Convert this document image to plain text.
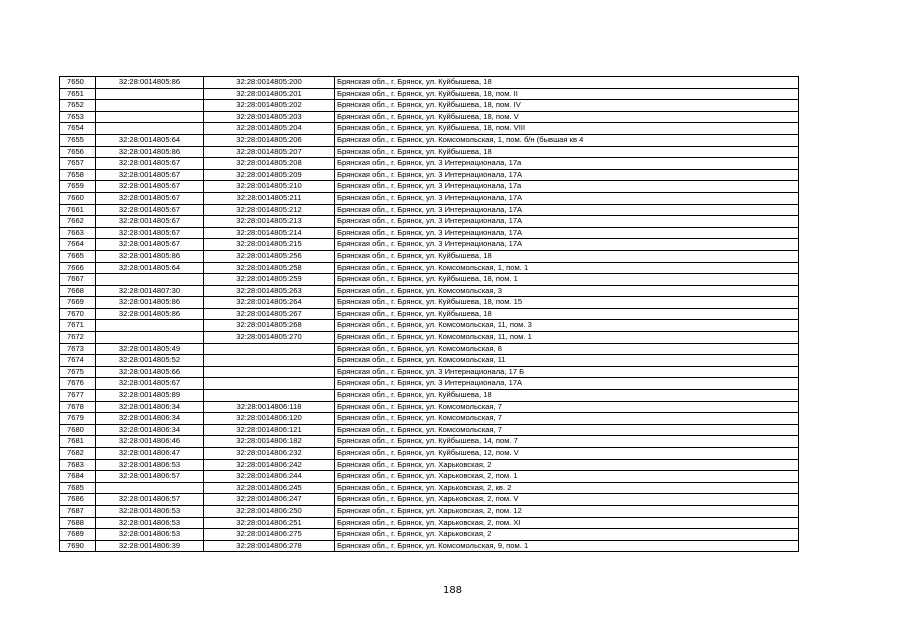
7650	32:28:0014805:86	32:28:0014805:200	Брянская обл., г. Брянск, ул. Куйбышева, 18
7651		32:28:0014805:201	Брянская обл., г. Брянск, ул. Куйбышева, 18, пом. II
7652		32:28:0014805:202	Брянская обл., г. Брянск, ул. Куйбышева, 18, пом. IV
7653		32:28:0014805:203	Брянская обл., г. Брянск, ул. Куйбышева, 18, пом. V
7654		32:28:0014805:204	Брянская обл., г. Брянск, ул. Куйбышева, 18, пом. VIII
7655	32:28:0014805:64	32:28:0014805:206	Брянская обл., г. Брянск, ул. Комсомольская, 1, пом. б/н (бывшая кв 4
7656	32:28:0014805:86	32:28:0014805:207	Брянская обл., г. Брянск, ул. Куйбышева, 18
7657	32:28:0014805:67	32:28:0014805:208	Брянская обл., г. Брянск, ул. 3 Интернационала, 17а
7658	32:28:0014805:67	32:28:0014805:209	Брянская обл., г. Брянск, ул. 3 Интернационала, 17А
7659	32:28:0014805:67	32:28:0014805:210	Брянская обл., г. Брянск, ул. 3 Интернационала, 17а
7660	32:28:0014805:67	32:28:0014805:211	Брянская обл., г. Брянск, ул. 3 Интернационала, 17А
7661	32:28:0014805:67	32:28:0014805:212	Брянская обл., г. Брянск, ул. 3 Интернационала, 17А
7662	32:28:0014805:67	32:28:0014805:213	Брянская обл., г. Брянск, ул. 3 Интернационала, 17А
7663	32:28:0014805:67	32:28:0014805:214	Брянская обл., г. Брянск, ул. 3 Интернационала, 17А
7664	32:28:0014805:67	32:28:0014805:215	Брянская обл., г. Брянск, ул. 3 Интернационала, 17А
7665	32:28:0014805:86	32:28:0014805:256	Брянская обл., г. Брянск, ул. Куйбышева, 18
7666	32:28:0014805:64	32:28:0014805:258	Брянская обл., г. Брянск, ул. Комсомольская, 1, пом. 1
7667		32:28:0014805:259	Брянская обл., г. Брянск, ул. Куйбышева, 18, пом. 1
7668	32:28:0014807:30	32:28:0014805:263	Брянская обл., г. Брянск, ул. Комсомольская, 3
7669	32:28:0014805:86	32:28:0014805:264	Брянская обл., г. Брянск, ул. Куйбышева, 18, пом. 15
7670	32:28:0014805:86	32:28:0014805:267	Брянская обл., г. Брянск, ул. Куйбышева, 18
7671		32:28:0014805:268	Брянская обл., г. Брянск, ул. Комсомольская, 11, пом. 3
7672		32:28:0014805:270	Брянская обл., г. Брянск, ул. Комсомольская, 11, пом. 1
7673	32:28:0014805:49		Брянская обл., г. Брянск, ул. Комсомольская, 8
7674	32:28:0014805:52		Брянская обл., г. Брянск, ул. Комсомольская, 11
7675	32:28:0014805:66		Брянская обл., г. Брянск, ул. 3 Интернационала, 17 Б
7676	32:28:0014805:67		Брянская обл., г. Брянск, ул. 3 Интернационала, 17А
7677	32:28:0014805:89		Брянская обл., г. Брянск, ул. Куйбышева, 18
7678	32:28:0014806:34	32:28:0014806:118	Брянская обл., г. Брянск, ул. Комсомольская, 7
7679	32:28:0014806:34	32:28:0014806:120	Брянская обл., г. Брянск, ул. Комсомольская, 7
7680	32:28:0014806:34	32:28:0014806:121	Брянская обл., г. Брянск, ул. Комсомольская, 7
7681	32:28:0014806:46	32:28:0014806:182	Брянская обл., г. Брянск, ул. Куйбышева, 14, пом. 7
7682	32:28:0014806:47	32:28:0014806:232	Брянская обл., г. Брянск, ул. Куйбышева, 12, пом. V
7683	32:28:0014806:53	32:28:0014806:242	Брянская обл., г. Брянск, ул. Харьковская, 2
7684	32:28:0014806:57	32:28:0014806:244	Брянская обл., г. Брянск, ул. Харьковская, 2, пом. 1
7685		32:28:0014806:245	Брянская обл., г. Брянск, ул. Харьковская, 2, кв. 2
7686	32:28:0014806:57	32:28:0014806:247	Брянская обл., г. Брянск, ул. Харьковская, 2, пом. V
7687	32:28:0014806:53	32:28:0014806:250	Брянская обл., г. Брянск, ул. Харьковская, 2, пом. 12
7688	32:28:0014806:53	32:28:0014806:251	Брянская обл., г. Брянск, ул. Харьковская, 2, пом. XI
7689	32:28:0014806:53	32:28:0014806:275	Брянская обл., г. Брянск, ул. Харьковская, 2
7690	32:28:0014806:39	32:28:0014806:278	Брянская обл., г. Брянск, ул. Комсомольская, 9, пом. 1
188
